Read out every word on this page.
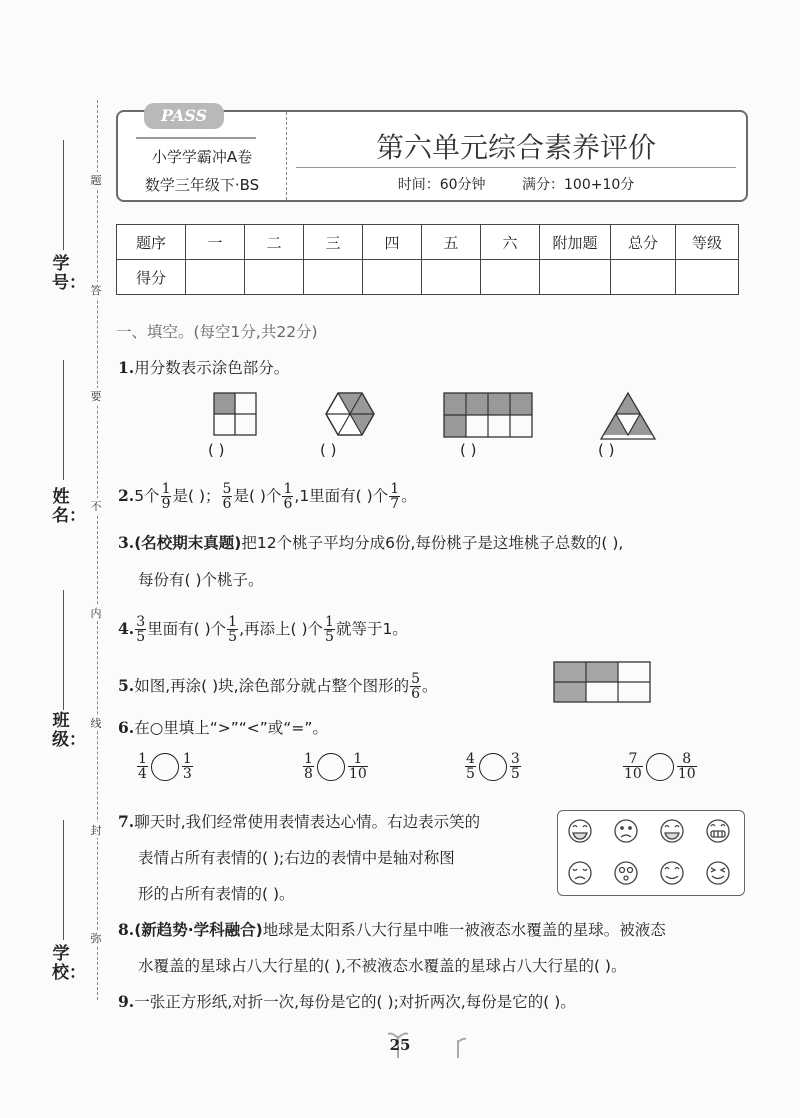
学号：
姓名：
班级：
学校：
题
答
要
不
内
线
封
弥
PASS
小学学霸冲A卷
数学三年级下·BS
第六单元综合素养评价
时间：60分钟	满分：100+10分
题序	一	二	三	四	五	六	附加题	总分	等级
得分									
一、填空。(每空1分,共22分)
1.用分数表示涂色部分。
( )	( )	( )	( )
2.5个 $\frac{1}{9}$ 是( )； $\frac{5}{6}$ 是( )个 $\frac{1}{6} ,1$里面有( )个 $\frac{1}{7}$ 。
3.(名校期末真题)把12个桃子平均分成6份,每份桃子是这堆桃子总数的( ),
每份有( )个桃子。
4. $\frac{3}{5}$ 里面有( )个 $\frac{1}{5}$ ,再添上( )个 $\frac{1}{5}$ 就等于1。
5.如图,再涂( )块,涂色部分就占整个图形的 $\frac{5}{6}$ 。
6.在○里填上“>”“<”或“=”。
$\frac{1}{4} \frac{1}{3}$	$\frac{1}{8} \frac{1}{10}$	$\frac{4}{5} \frac{3}{5}$	$\frac{7}{10} \frac{8}{10}$
7.聊天时,我们经常使用表情表达心情。右边表示笑的
表情占所有表情的( );右边的表情中是轴对称图
形的占所有表情的( )。
8.(新趋势·学科融合)地球是太阳系八大行星中唯一被液态水覆盖的星球。被液态
水覆盖的星球占八大行星的( ),不被液态水覆盖的星球占八大行星的( )。
9.一张正方形纸,对折一次,每份是它的( );对折两次,每份是它的( )。
25
